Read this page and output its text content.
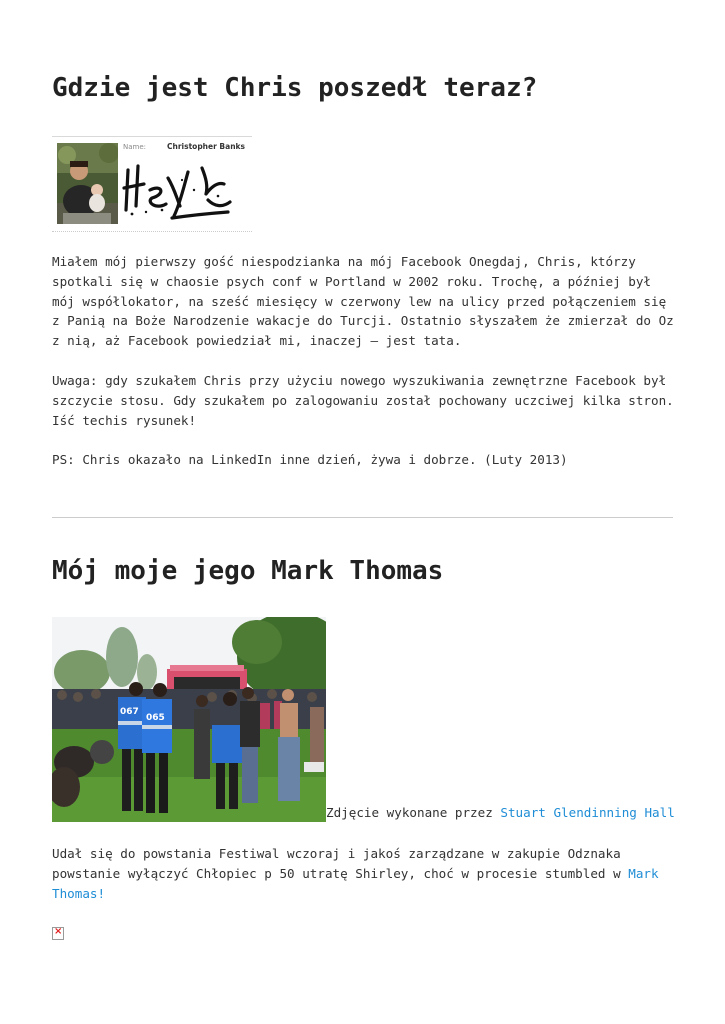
Gdzie jest Chris poszedł teraz?
Name:	Christopher Banks

Miałem mój pierwszy gość niespodzianka na mój Facebook Onegdaj, Chris, którzy spotkali się w chaosie psych conf w Portland w 2002 roku. Trochę, a później był mój współlokator, na sześć miesięcy w czerwony lew na ulicy przed połączeniem się z Panią na Boże Narodzenie wakacje do Turcji. Ostatnio słyszałem że zmierzał do Oz z nią, aż Facebook powiedział mi, inaczej – jest tata.

Uwaga: gdy szukałem Chris przy użyciu nowego wyszukiwania zewnętrzne Facebook był szczycie stosu. Gdy szukałem po zalogowaniu został pochowany uczciwej kilka stron. Iść techis rysunek!

PS: Chris okazało na LinkedIn inne dzień, żywa i dobrze. (Luty 2013)

Mój moje jego Mark Thomas
067
065
Zdjęcie wykonane przez Stuart Glendinning Hall

Udał się do powstania Festiwal wczoraj i jakoś zarządzane w zakupie Odznaka powstanie wyłączyć Chłopiec p 50 utratę Shirley, choć w procesie stumbled w Mark Thomas!

×
